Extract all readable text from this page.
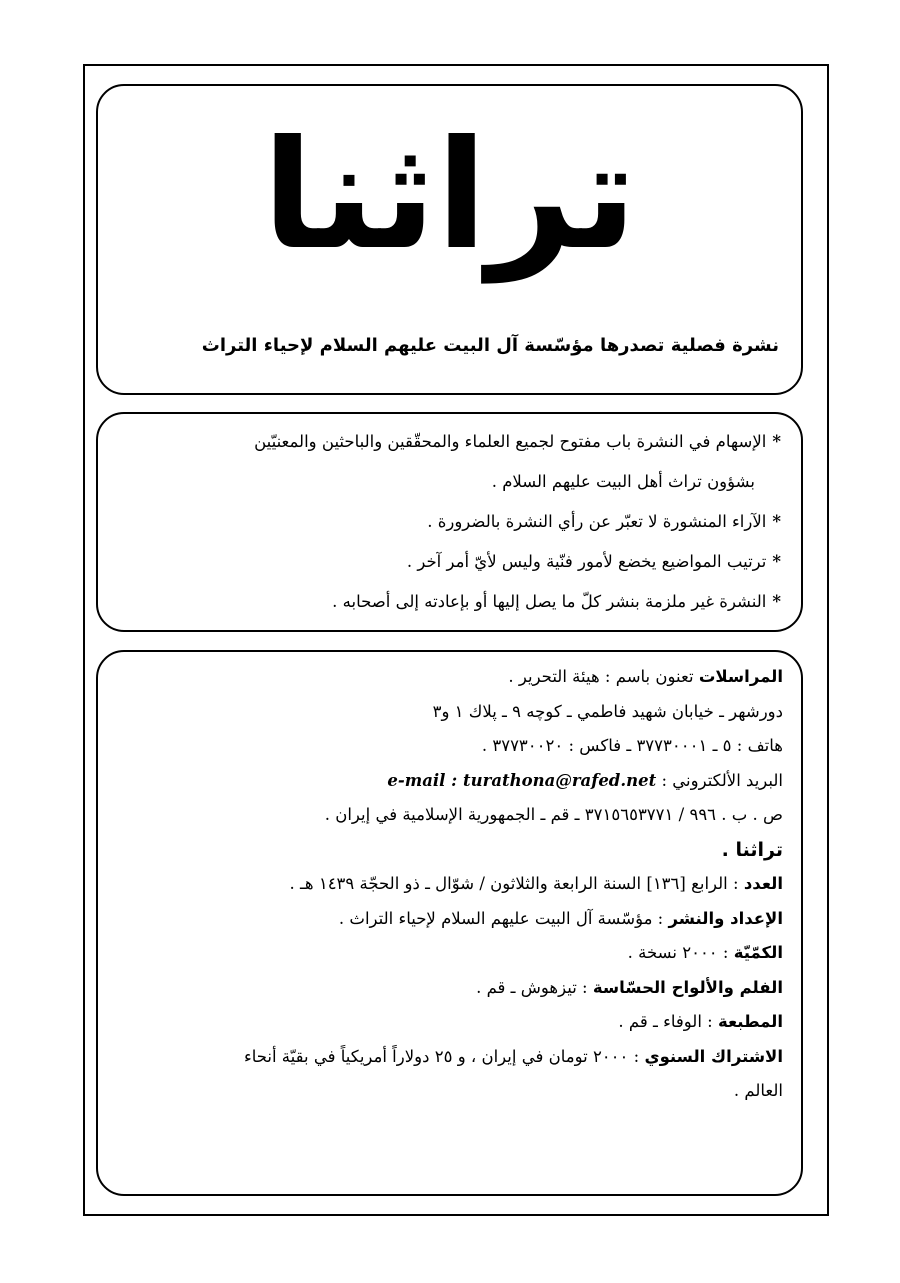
تراثنا
نشرة فصلية تصدرها مؤسّسة آل البيت عليهم السلام لإحياء التراث
*الإسهام في النشرة باب مفتوح لجميع العلماء والمحقّقين والباحثين والمعنيّين
بشؤون تراث أهل البيت عليهم السلام .
*الآراء المنشورة لا تعبّر عن رأي النشرة بالضرورة .
*ترتيب المواضيع يخضع لأمور فنّية وليس لأيّ أمر آخر .
*النشرة غير ملزمة بنشر كلّ ما يصل إليها أو بإعادته إلى أصحابه .
المراسلات تعنون باسم : هيئة التحرير .
دورشهر ـ خيابان شهيد فاطمي ـ كوچه ٩ ـ پلاك ١ و٣
هاتف : ٥ ـ ٣٧٧٣٠٠٠١ ـ فاكس : ٣٧٧٣٠٠٢٠ .
البريد الألكتروني : e-mail : turathona@rafed.net
ص . ب . ٩٩٦ / ٣٧١٥٦٥٣٧٧١ ـ قم ـ الجمهورية الإسلامية في إيران .
تراثنا .
العدد : الرابع [١٣٦] السنة الرابعة والثلاثون / شوّال ـ ذو الحجّة ١٤٣٩ هـ .
الإعداد والنشر : مؤسّسة آل البيت عليهم السلام لإحياء التراث .
الكمّيّة : ٢٠٠٠ نسخة .
الفلم والألواح الحسّاسة : تيزهوش ـ قم .
المطبعة : الوفاء ـ قم .
الاشتراك السنوي : ٢٠٠٠ تومان في إيران ، و ٢٥ دولاراً أمريكياً في بقيّة أنحاء
العالم .
